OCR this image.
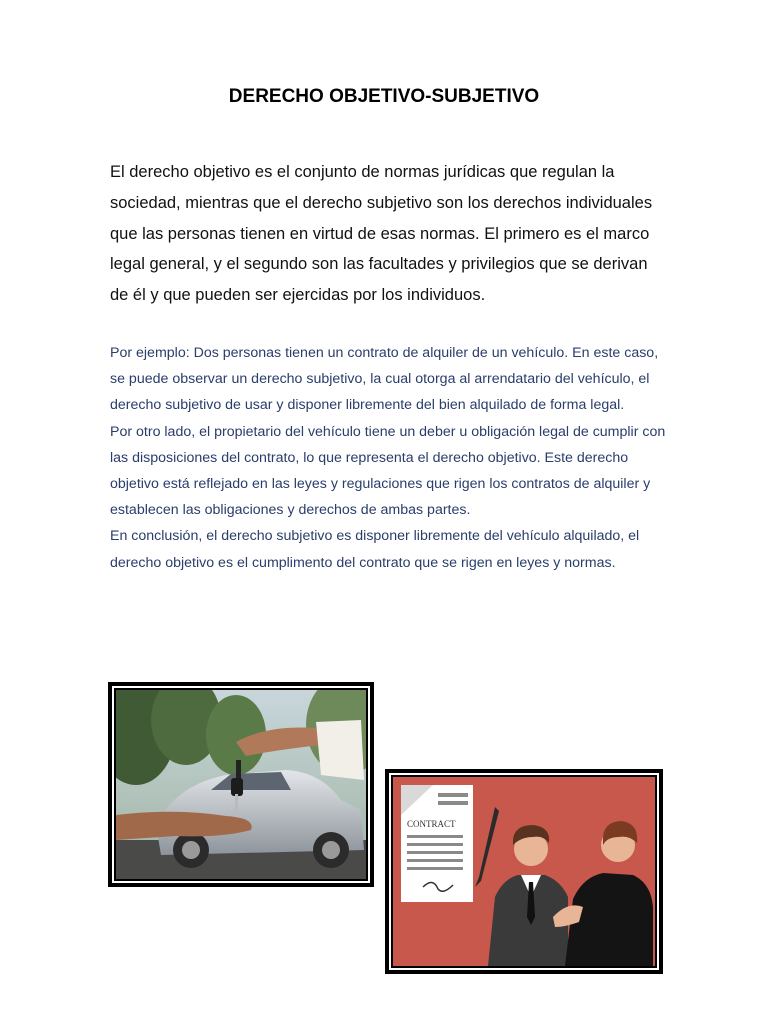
DERECHO OBJETIVO-SUBJETIVO

El derecho objetivo es el conjunto de normas jurídicas que regulan la sociedad, mientras que el derecho subjetivo son los derechos individuales que las personas tienen en virtud de esas normas. El primero es el marco legal general, y el segundo son las facultades y privilegios que se derivan de él y que pueden ser ejercidas por los individuos.

Por ejemplo: Dos personas tienen un contrato de alquiler de un vehículo. En este caso, se puede observar un derecho subjetivo, la cual otorga al arrendatario del vehículo, el derecho subjetivo de usar y disponer libremente del bien alquilado de forma legal.

Por otro lado, el propietario del vehículo tiene un deber u obligación legal de cumplir con las disposiciones del contrato, lo que representa el derecho objetivo. Este derecho objetivo está reflejado en las leyes y regulaciones que rigen los contratos de alquiler y establecen las obligaciones y derechos de ambas partes.

En conclusión, el derecho subjetivo es disponer libremente del vehículo alquilado, el derecho objetivo es el cumplimento del contrato que se rigen en leyes y normas.

CONTRACT
